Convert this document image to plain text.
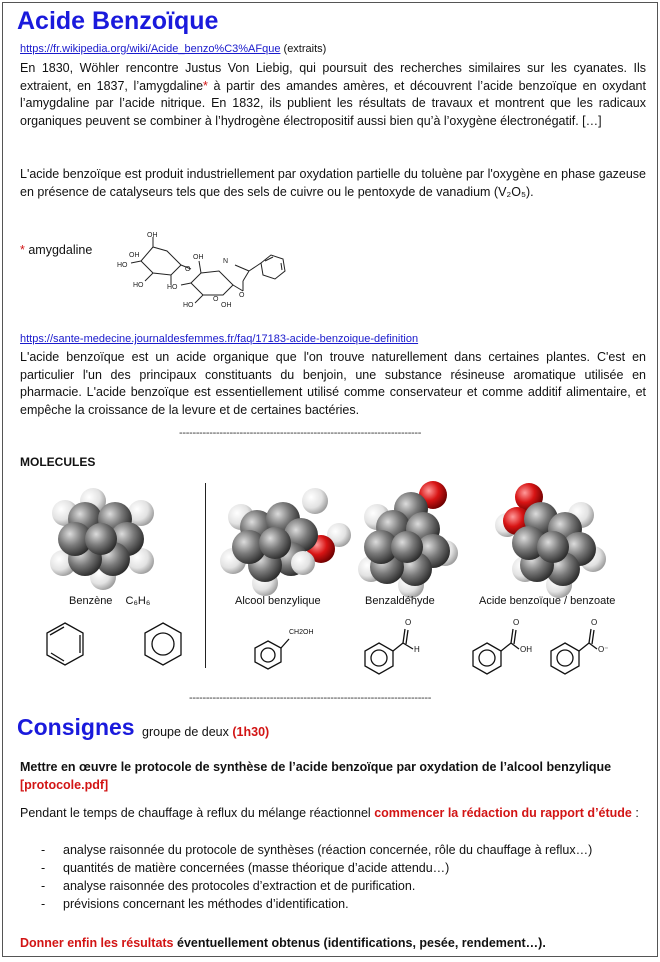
Acide Benzoïque
https://fr.wikipedia.org/wiki/Acide_benzo%C3%AFque (extraits)

En 1830, Wöhler rencontre Justus Von Liebig, qui poursuit des recherches similaires sur les cyanates. Ils extraient, en 1837, l’amygdaline* à partir des amandes amères, et découvrent l’acide benzoïque en oxydant l’amygdaline par l’acide nitrique. En 1832, ils publient les résultats de travaux et montrent que les radicaux organiques peuvent se combiner à l’hydrogène électropositif aussi bien qu’à l’oxygène électronégatif. […]

L'acide benzoïque est produit industriellement par oxydation partielle du toluène par l'oxygène en phase gazeuse en présence de catalyseurs tels que des sels de cuivre ou le pentoxyde de vanadium (V₂O₅).

* amygdaline
OH
OH
HO
HO
O
N
OH
HO
O
O
HO	OH
https://sante-medecine.journaldesfemmes.fr/faq/17183-acide-benzoique-definition

L'acide benzoïque est un acide organique que l'on trouve naturellement dans certaines plantes. C'est en particulier l'un des principaux constituants du benjoin, une substance résineuse aromatique utilisée en pharmacie. L'acide benzoïque est essentiellement utilisé comme conservateur et comme additif alimentaire, et empêche la croissance de la levure et de certaines bactéries.

------------------------------------------------------------------------
MOLECULES
Benzène C₆H₆	Alcool benzylique	Benzaldéhyde	Acide benzoïque / benzoate
CH2OH
O
H
O
OH
O
O⁻
------------------------------------------------------------------------
Consignes groupe de deux (1h30)
Mettre en œuvre le protocole de synthèse de l’acide benzoïque par oxydation de l’alcool benzylique
[protocole.pdf]

Pendant le temps de chauffage à reflux du mélange réactionnel commencer la rédaction du rapport d’étude :

- analyse raisonnée du protocole de synthèses (réaction concernée, rôle du chauffage à reflux…)
- quantités de matière concernées (masse théorique d’acide attendu…)
- analyse raisonnée des protocoles d’extraction et de purification.
- prévisions concernant les méthodes d’identification.
Donner enfin les résultats éventuellement obtenus (identifications, pesée, rendement…).
